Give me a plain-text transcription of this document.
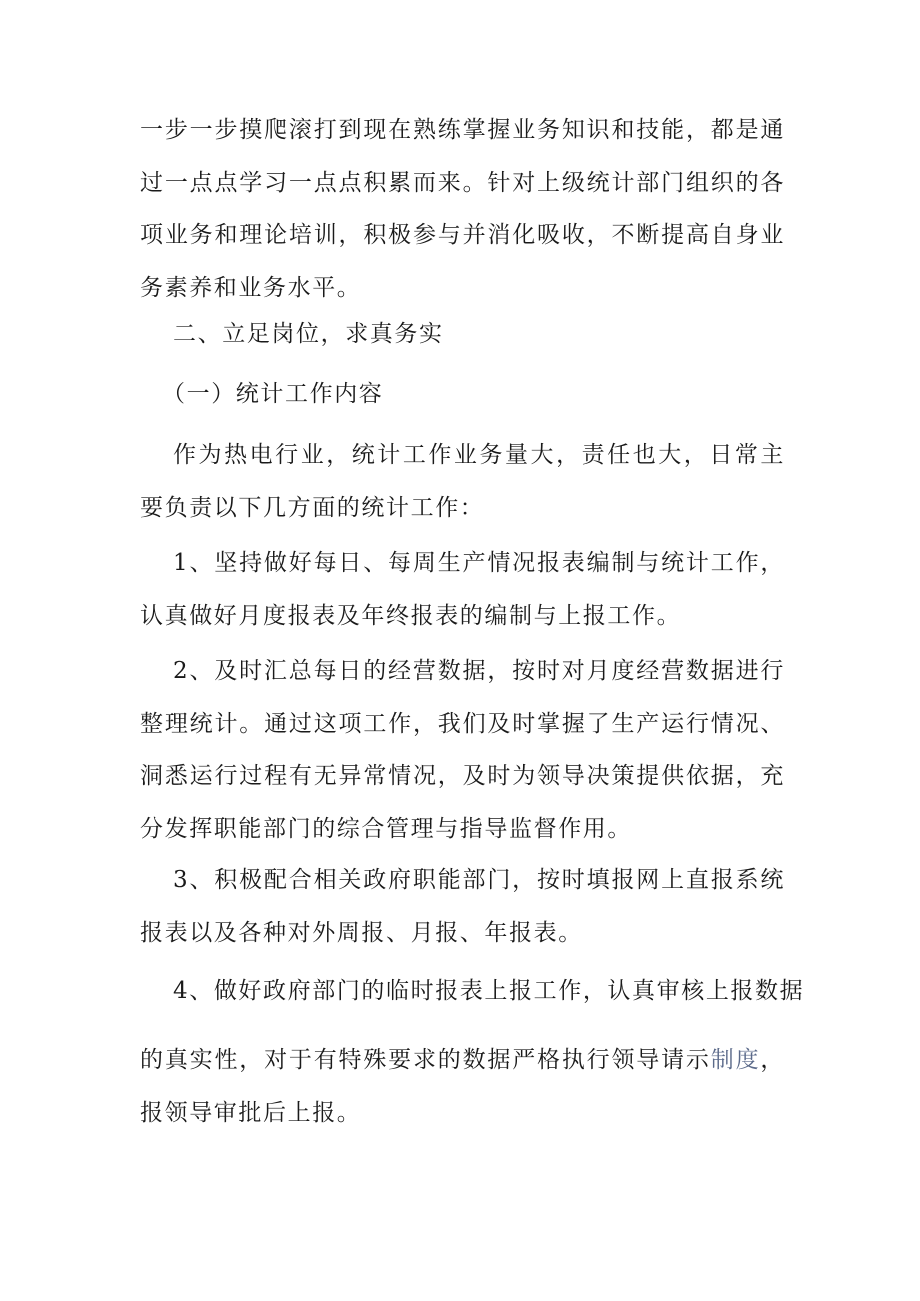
一步一步摸爬滚打到现在熟练掌握业务知识和技能，都是通过一点点学习一点点积累而来。针对上级统计部门组织的各项业务和理论培训，积极参与并消化吸收，不断提高自身业务素养和业务水平。

二、立足岗位，求真务实

（一）统计工作内容

作为热电行业，统计工作业务量大，责任也大，日常主要负责以下几方面的统计工作：

1、坚持做好每日、每周生产情况报表编制与统计工作，认真做好月度报表及年终报表的编制与上报工作。

2、及时汇总每日的经营数据，按时对月度经营数据进行整理统计。通过这项工作，我们及时掌握了生产运行情况、洞悉运行过程有无异常情况，及时为领导决策提供依据，充分发挥职能部门的综合管理与指导监督作用。

3、积极配合相关政府职能部门，按时填报网上直报系统报表以及各种对外周报、月报、年报表。

4、做好政府部门的临时报表上报工作，认真审核上报数据

的真实性，对于有特殊要求的数据严格执行领导请示制度，报领导审批后上报。
